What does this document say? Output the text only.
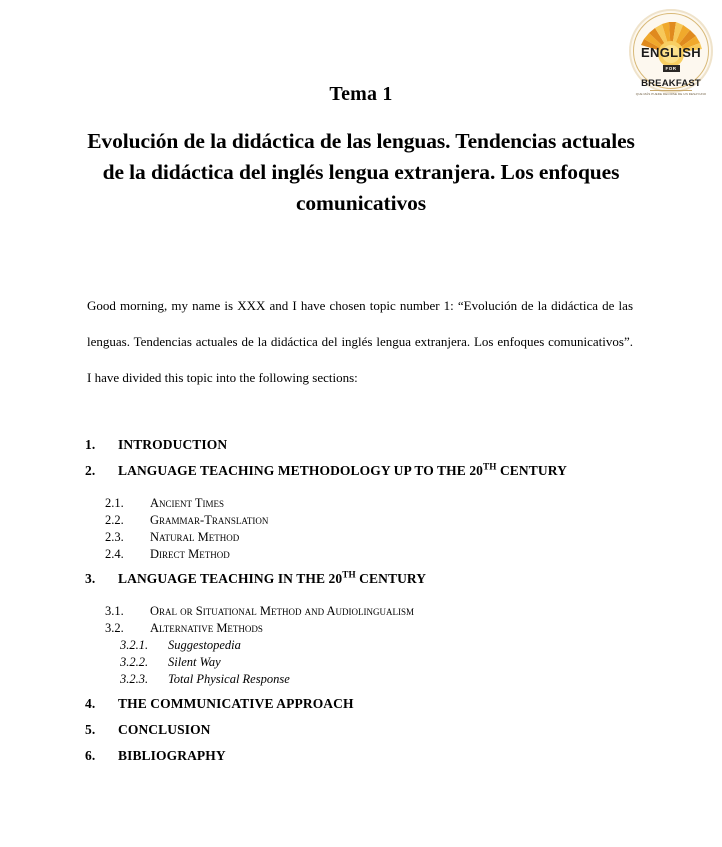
ENGLISH
FOR
BREAKFAST
QUE MÁS PUEDE DECIRSE DE UN DESAYUNO
Tema 1
Evolución de la didáctica de las lenguas. Tendencias actuales de la didáctica del inglés lengua extranjera. Los enfoques comunicativos
Good morning, my name is XXX and I have chosen topic number 1: “Evolución de la didáctica de las lenguas. Tendencias actuales de la didáctica del inglés lengua extranjera. Los enfoques comunicativos”. I have divided this topic into the following sections:
1.	INTRODUCTION
2.	LANGUAGE TEACHING METHODOLOGY UP TO THE 20TH CENTURY
2.1.	Ancient Times
2.2.	Grammar-Translation
2.3.	Natural Method
2.4.	Direct Method
3.	LANGUAGE TEACHING IN THE 20TH CENTURY
3.1.	Oral or Situational Method and Audiolingualism
3.2.	Alternative Methods
3.2.1.	Suggestopedia
3.2.2.	Silent Way
3.2.3.	Total Physical Response
4.	THE COMMUNICATIVE APPROACH
5.	CONCLUSION
6.	BIBLIOGRAPHY
